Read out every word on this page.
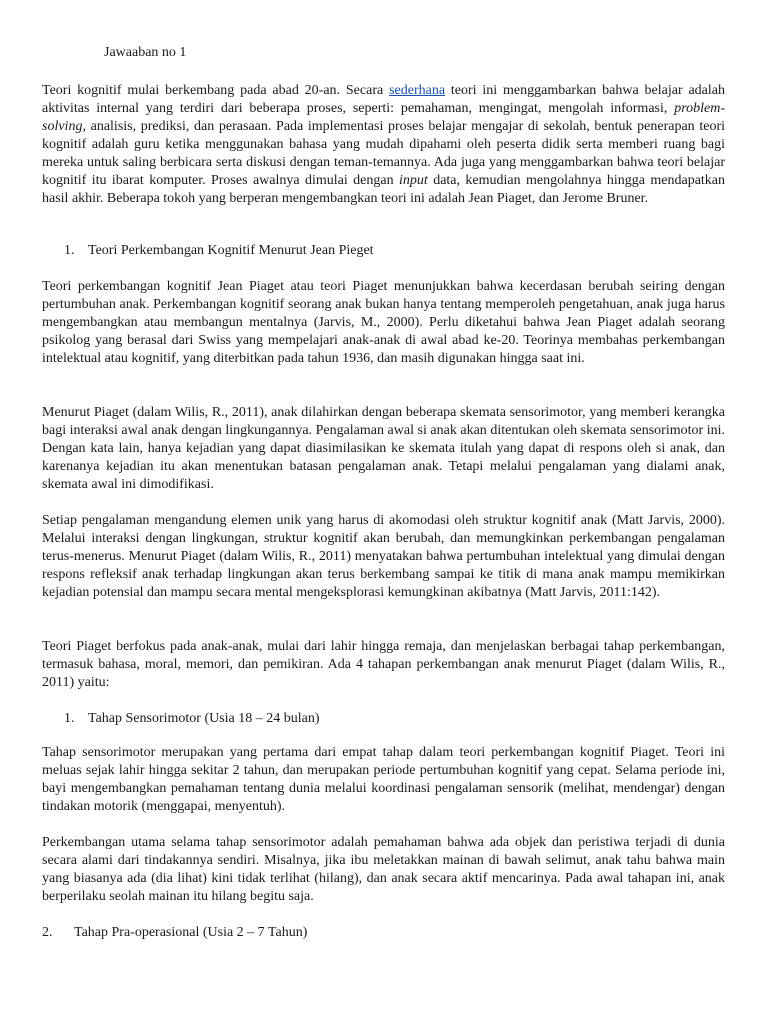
Jawaaban no 1

Teori kognitif mulai berkembang pada abad 20-an. Secara sederhana teori ini menggambarkan bahwa belajar adalah aktivitas internal yang terdiri dari beberapa proses, seperti: pemahaman, mengingat, mengolah informasi, problem-solving, analisis, prediksi, dan perasaan. Pada implementasi proses belajar mengajar di sekolah, bentuk penerapan teori kognitif adalah guru ketika menggunakan bahasa yang mudah dipahami oleh peserta didik serta memberi ruang bagi mereka untuk saling berbicara serta diskusi dengan teman-temannya. Ada juga yang menggambarkan bahwa teori belajar kognitif itu ibarat komputer. Proses awalnya dimulai dengan input data, kemudian mengolahnya hingga mendapatkan hasil akhir. Beberapa tokoh yang berperan mengembangkan teori ini adalah Jean Piaget, dan Jerome Bruner.

1. Teori Perkembangan Kognitif Menurut Jean Pieget

Teori perkembangan kognitif Jean Piaget atau teori Piaget menunjukkan bahwa kecerdasan berubah seiring dengan pertumbuhan anak. Perkembangan kognitif seorang anak bukan hanya tentang memperoleh pengetahuan, anak juga harus mengembangkan atau membangun mentalnya (Jarvis, M., 2000). Perlu diketahui bahwa Jean Piaget adalah seorang psikolog yang berasal dari Swiss yang mempelajari anak-anak di awal abad ke-20. Teorinya membahas perkembangan intelektual atau kognitif, yang diterbitkan pada tahun 1936, dan masih digunakan hingga saat ini.

Menurut Piaget (dalam Wilis, R., 2011), anak dilahirkan dengan beberapa skemata sensorimotor, yang memberi kerangka bagi interaksi awal anak dengan lingkungannya. Pengalaman awal si anak akan ditentukan oleh skemata sensorimotor ini. Dengan kata lain, hanya kejadian yang dapat diasimilasikan ke skemata itulah yang dapat di respons oleh si anak, dan karenanya kejadian itu akan menentukan batasan pengalaman anak. Tetapi melalui pengalaman yang dialami anak, skemata awal ini dimodifikasi.

Setiap pengalaman mengandung elemen unik yang harus di akomodasi oleh struktur kognitif anak (Matt Jarvis, 2000). Melalui interaksi dengan lingkungan, struktur kognitif akan berubah, dan memungkinkan perkembangan pengalaman terus-menerus. Menurut Piaget (dalam Wilis, R., 2011) menyatakan bahwa pertumbuhan intelektual yang dimulai dengan respons refleksif anak terhadap lingkungan akan terus berkembang sampai ke titik di mana anak mampu memikirkan kejadian potensial dan mampu secara mental mengeksplorasi kemungkinan akibatnya (Matt Jarvis, 2011:142).

Teori Piaget berfokus pada anak-anak, mulai dari lahir hingga remaja, dan menjelaskan berbagai tahap perkembangan, termasuk bahasa, moral, memori, dan pemikiran. Ada 4 tahapan perkembangan anak menurut Piaget (dalam Wilis, R., 2011) yaitu:

1. Tahap Sensorimotor (Usia 18 – 24 bulan)

Tahap sensorimotor merupakan yang pertama dari empat tahap dalam teori perkembangan kognitif Piaget. Teori ini meluas sejak lahir hingga sekitar 2 tahun, dan merupakan periode pertumbuhan kognitif yang cepat. Selama periode ini, bayi mengembangkan pemahaman tentang dunia melalui koordinasi pengalaman sensorik (melihat, mendengar) dengan tindakan motorik (menggapai, menyentuh).

Perkembangan utama selama tahap sensorimotor adalah pemahaman bahwa ada objek dan peristiwa terjadi di dunia secara alami dari tindakannya sendiri. Misalnya, jika ibu meletakkan mainan di bawah selimut, anak tahu bahwa main yang biasanya ada (dia lihat) kini tidak terlihat (hilang), dan anak secara aktif mencarinya. Pada awal tahapan ini, anak berperilaku seolah mainan itu hilang begitu saja.

2. Tahap Pra-operasional (Usia 2 – 7 Tahun)
